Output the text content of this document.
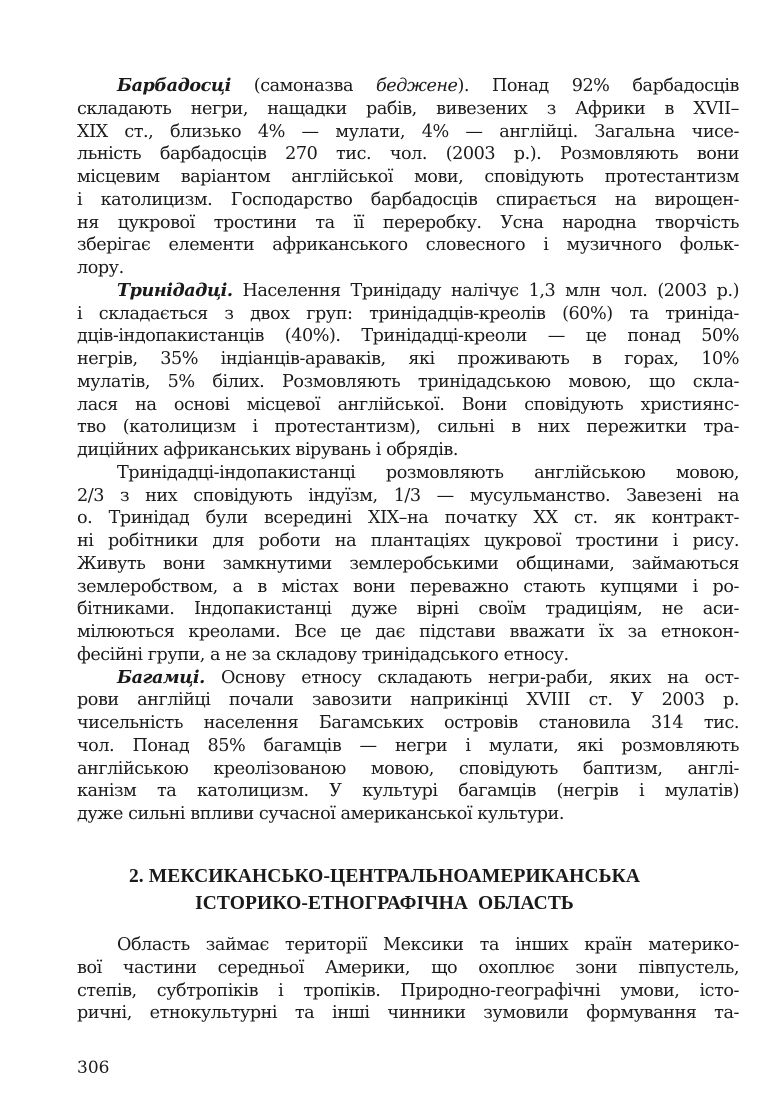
Барбадосці (самоназва беджене). Понад 92% барбадосців
складають негри, нащадки рабів, вивезених з Африки в XVII–
XIX ст., близько 4% — мулати, 4% — англійці. Загальна чисе-
льність барбадосців 270 тис. чол. (2003 р.). Розмовляють вони
місцевим варіантом англійської мови, сповідують протестантизм
і католицизм. Господарство барбадосців спирається на вирощен-
ня цукрової тростини та її переробку. Усна народна творчість
зберігає елементи африканського словесного і музичного фольк-
лору.
Тринідадці. Населення Тринідаду налічує 1,3 млн чол. (2003 р.)
і складається з двох груп: тринідадців-креолів (60%) та триніда-
дців-індопакистанців (40%). Тринідадці-креоли — це понад 50%
негрів, 35% індіанців-араваків, які проживають в горах, 10%
мулатів, 5% білих. Розмовляють тринідадською мовою, що скла-
лася на основі місцевої англійської. Вони сповідують християнс-
тво (католицизм і протестантизм), сильні в них пережитки тра-
диційних африканських вірувань і обрядів.
Тринідадці-індопакистанці розмовляють англійською мовою,
2/3 з них сповідують індуїзм, 1/3 — мусульманство. Завезені на
о. Тринідад були всередині XIX–на початку XX ст. як контракт-
ні робітники для роботи на плантаціях цукрової тростини і рису.
Живуть вони замкнутими землеробськими общинами, займаються
землеробством, а в містах вони переважно стають купцями і ро-
бітниками. Індопакистанці дуже вірні своїм традиціям, не аси-
мілюються креолами. Все це дає підстави вважати їх за етнокон-
фесійні групи, а не за складову тринідадського етносу.
Багамці. Основу етносу складають негри-раби, яких на ост-
рови англійці почали завозити наприкінці XVIII ст. У 2003 р.
чисельність населення Багамських островів становила 314 тис.
чол. Понад 85% багамців — негри і мулати, які розмовляють
англійською креолізованою мовою, сповідують баптизм, англі-
канізм та католицизм. У культурі багамців (негрів і мулатів)
дуже сильні впливи сучасної американської культури.
2. МЕКСИКАНСЬКО-ЦЕНТРАЛЬНОАМЕРИКАНСЬКА
ІСТОРИКО-ЕТНОГРАФІЧНА  ОБЛАСТЬ
Область займає території Мексики та інших країн материко-
вої частини середньої Америки, що охоплює зони півпустель,
степів, субтропіків і тропіків. Природно-географічні умови, істо-
ричні, етнокультурні та інші чинники зумовили формування та-
306
